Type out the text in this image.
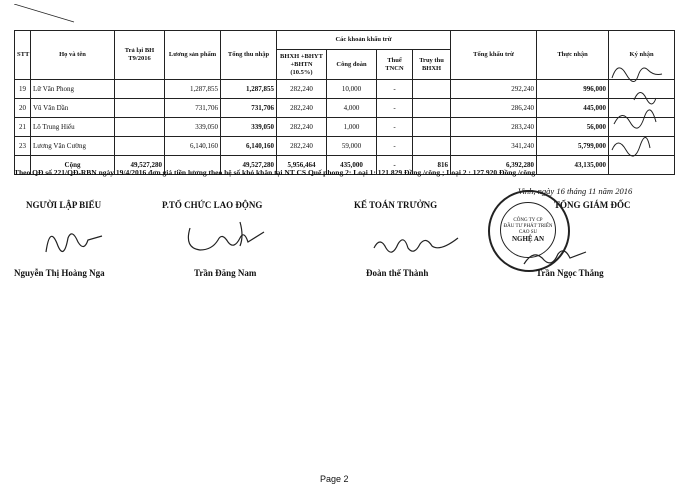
STT	Họ và tên	Trả lại BH T9/2016	Lương sản phẩm	Tổng thu nhập	Các khoản khấu trừ				Tổng khấu trừ	Thực nhận	Ký nhận
					BHXH +BHYT +BHTN (10.5%)	Công đoàn	Thuế TNCN	Truy thu BHXH			
19	Lữ Văn Phong		1,287,855	1,287,855	282,240	10,000	-		292,240	996,000	
20	Vũ Văn Dần		731,706	731,706	282,240	4,000	-		286,240	445,000	
21	Lô Trung Hiếu		339,050	339,050	282,240	1,000	-		283,240	56,000	
23	Lương Văn Cường		6,140,160	6,140,160	282,240	59,000	-		341,240	5,799,000	
	Cộng	49,527,280		49,527,280	5,956,464	435,000	-	816	6,392,280	43,135,000	
Theo QĐ số 221/QĐ-RBN ngày 19/4/2016 đơn giá tiền lương theo hệ số khó khăn tại NT CS Quế phong 2: Loại 1: 121.829 Đồng /công ; Loại 2 : 127.920 Đồng /công
Vinh, ngày 16 tháng 11 năm 2016
NGƯỜI LẬP BIỂU	P.TỔ CHỨC LAO ĐỘNG	KẾ TOÁN TRƯỞNG	TỔNG GIÁM ĐỐC
CÔNG TY CP
ĐẦU TƯ PHÁT TRIỂN
CAO SU
NGHỆ AN
Nguyễn Thị Hoàng Nga	Trần Đăng Nam	Đoàn thế Thành	Trần Ngọc Thắng
Page 2
